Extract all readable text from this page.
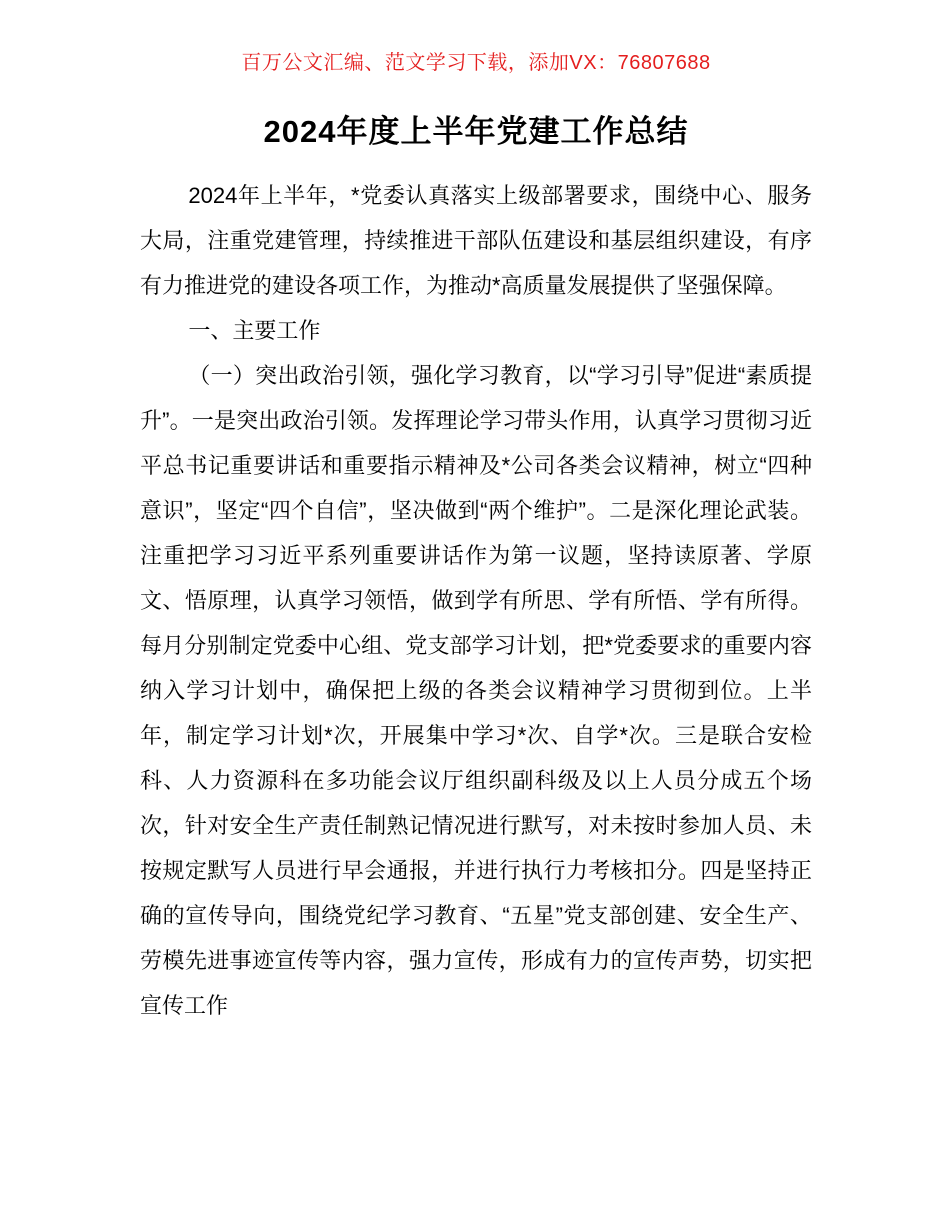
百万公文汇编、范文学习下载，添加VX：76807688
2024年度上半年党建工作总结

2024年上半年，*党委认真落实上级部署要求，围绕中心、服务大局，注重党建管理，持续推进干部队伍建设和基层组织建设，有序有力推进党的建设各项工作，为推动*高质量发展提供了坚强保障。

一、主要工作

（一）突出政治引领，强化学习教育，以“学习引导”促进“素质提升”。一是突出政治引领。发挥理论学习带头作用，认真学习贯彻习近平总书记重要讲话和重要指示精神及*公司各类会议精神，树立“四种意识”，坚定“四个自信”，坚决做到“两个维护”。二是深化理论武装。注重把学习习近平系列重要讲话作为第一议题，坚持读原著、学原文、悟原理，认真学习领悟，做到学有所思、学有所悟、学有所得。每月分别制定党委中心组、党支部学习计划，把*党委要求的重要内容纳入学习计划中，确保把上级的各类会议精神学习贯彻到位。上半年，制定学习计划*次，开展集中学习*次、自学*次。三是联合安检科、人力资源科在多功能会议厅组织副科级及以上人员分成五个场次，针对安全生产责任制熟记情况进行默写，对未按时参加人员、未按规定默写人员进行早会通报，并进行执行力考核扣分。四是坚持正确的宣传导向，围绕党纪学习教育、“五星”党支部创建、安全生产、劳模先进事迹宣传等内容，强力宣传，形成有力的宣传声势，切实把宣传工作
